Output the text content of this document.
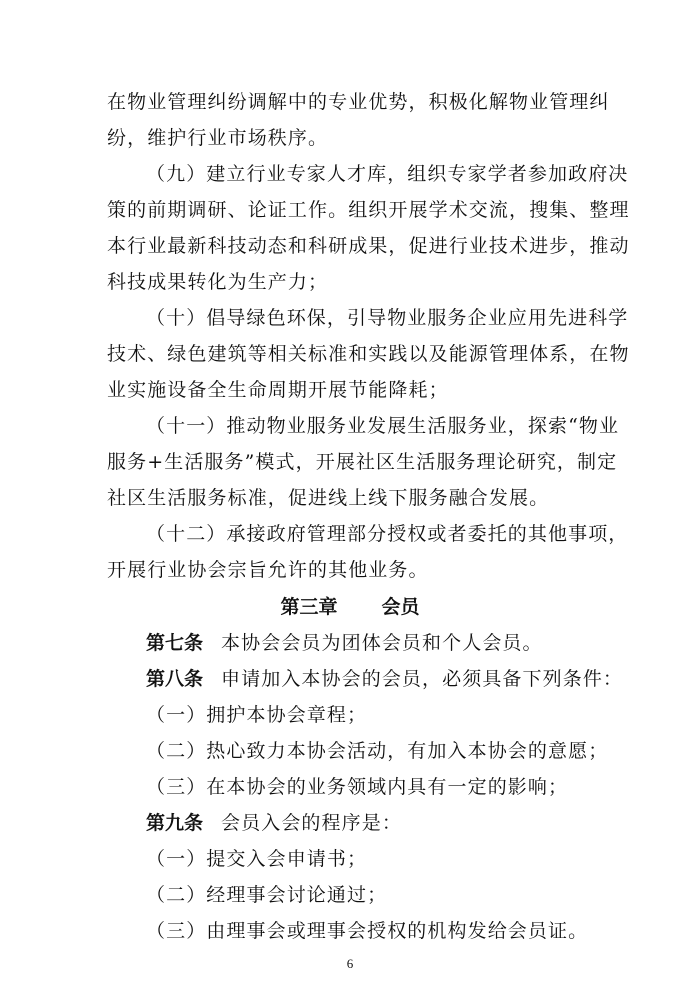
在物业管理纠纷调解中的专业优势，积极化解物业管理纠
纷，维护行业市场秩序。
（九）建立行业专家人才库，组织专家学者参加政府决
策的前期调研、论证工作。组织开展学术交流，搜集、整理
本行业最新科技动态和科研成果，促进行业技术进步，推动
科技成果转化为生产力；
（十）倡导绿色环保，引导物业服务企业应用先进科学
技术、绿色建筑等相关标准和实践以及能源管理体系，在物
业实施设备全生命周期开展节能降耗；
（十一）推动物业服务业发展生活服务业，探索“物业
服务+生活服务”模式，开展社区生活服务理论研究，制定
社区生活服务标准，促进线上线下服务融合发展。
（十二）承接政府管理部分授权或者委托的其他事项，
开展行业协会宗旨允许的其他业务。
第三章 会员
第七条 本协会会员为团体会员和个人会员。
第八条 申请加入本协会的会员，必须具备下列条件：
（一）拥护本协会章程；
（二）热心致力本协会活动，有加入本协会的意愿；
（三）在本协会的业务领域内具有一定的影响；
第九条 会员入会的程序是：
（一）提交入会申请书；
（二）经理事会讨论通过；
（三）由理事会或理事会授权的机构发给会员证。
6
